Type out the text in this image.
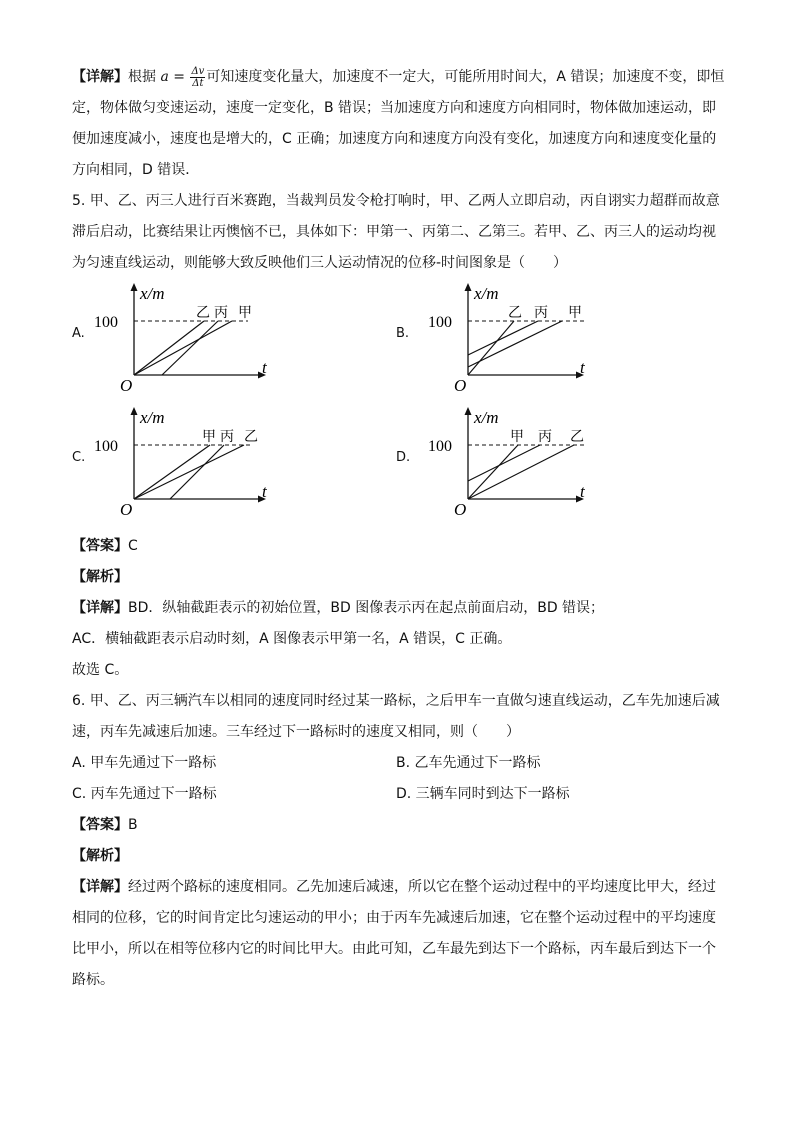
【详解】根据 $a = \frac{\Delta v}{\Delta t}$ 可知速度变化量大，加速度不一定大，可能所用时间大，A 错误；加速度不变，即恒

定，物体做匀变速运动，速度一定变化，B 错误；当加速度方向和速度方向相同时，物体做加速运动，即

便加速度减小，速度也是增大的，C 正确；加速度方向和速度方向没有变化，加速度方向和速度变化量的

方向相同，D 错误．

5. 甲、乙、丙三人进行百米赛跑，当裁判员发令枪打响时，甲、乙两人立即启动，丙自诩实力超群而故意

滞后启动，比赛结果让丙懊恼不已，具体如下：甲第一、丙第二、乙第三。若甲、乙、丙三人的运动均视

为匀速直线运动，则能够大致反映他们三人运动情况的位移-时间图象是（　　）

A.
x/m
100
t
O
乙 丙 甲
B.
x/m
100
t
O
乙 丙 甲
C.
x/m
100
t
O
甲 丙 乙
D.
x/m
100
t
O
甲 丙 乙

【答案】C

【解析】

【详解】BD．纵轴截距表示的初始位置，BD 图像表示丙在起点前面启动，BD 错误；

AC．横轴截距表示启动时刻，A 图像表示甲第一名，A 错误，C 正确。

故选 C。

6. 甲、乙、丙三辆汽车以相同的速度同时经过某一路标，之后甲车一直做匀速直线运动，乙车先加速后减

速，丙车先减速后加速。三车经过下一路标时的速度又相同，则（　　）

A. 甲车先通过下一路标	B. 乙车先通过下一路标
C. 丙车先通过下一路标	D. 三辆车同时到达下一路标

【答案】B

【解析】

【详解】经过两个路标的速度相同。乙先加速后减速，所以它在整个运动过程中的平均速度比甲大，经过

相同的位移，它的时间肯定比匀速运动的甲小；由于丙车先减速后加速，它在整个运动过程中的平均速度

比甲小，所以在相等位移内它的时间比甲大。由此可知，乙车最先到达下一个路标，丙车最后到达下一个

路标。
